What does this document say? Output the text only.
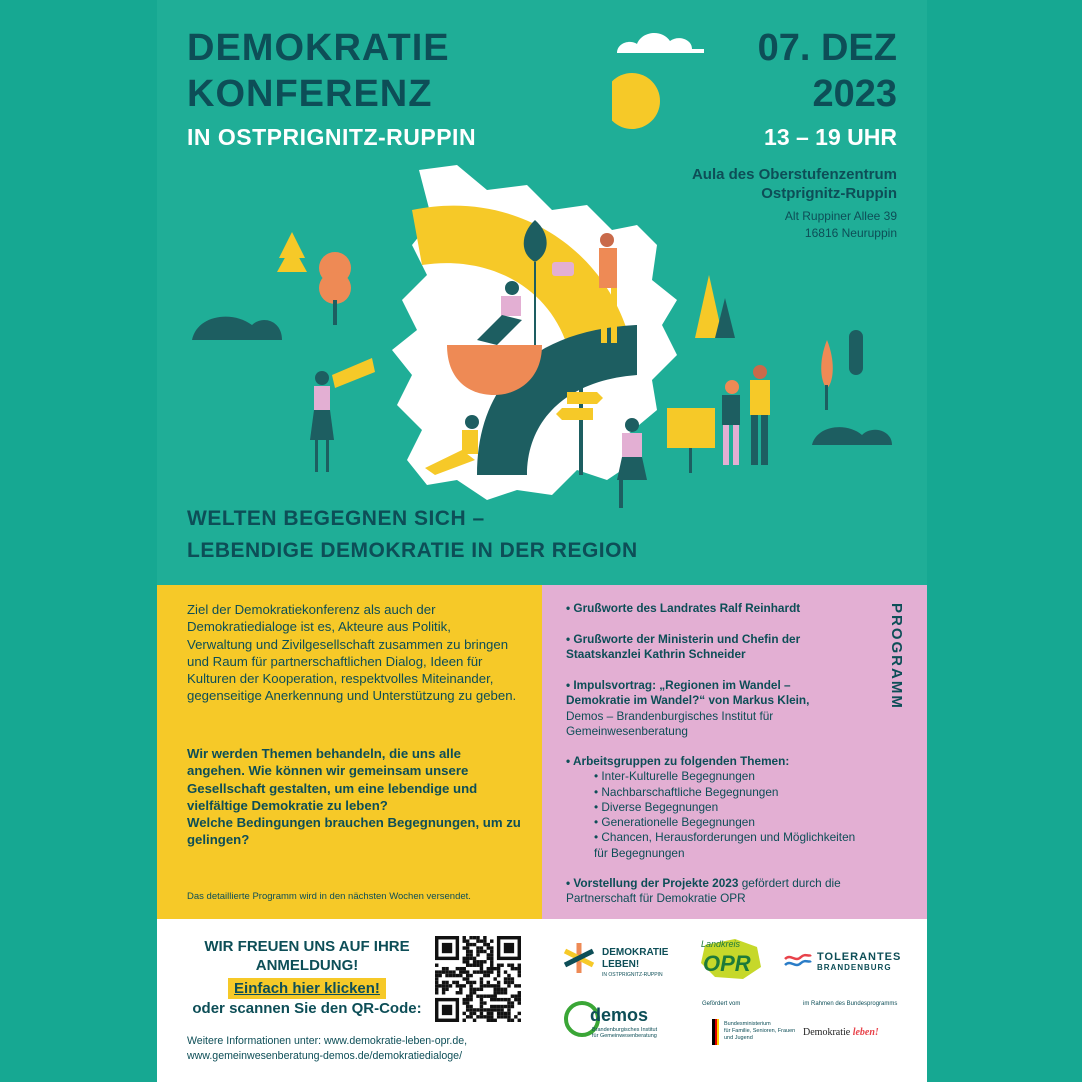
DEMOKRATIE
KONFERENZ
IN OSTPRIGNITZ-RUPPIN
07. DEZ
2023
13 – 19 UHR
Aula des Oberstufenzentrum
Ostprignitz-Ruppin
Alt Ruppiner Allee 39
16816 Neuruppin
WELTEN BEGEGNEN SICH –
LEBENDIGE DEMOKRATIE IN DER REGION
Ziel der Demokratiekonferenz als auch der Demokratiedialoge ist es, Akteure aus Politik, Verwaltung und Zivilgesellschaft zusammen zu bringen und Raum für partnerschaftlichen Dialog, Ideen für Kulturen der Kooperation, respektvolles Miteinander, gegenseitige Anerkennung und Unterstützung zu geben.
Wir werden Themen behandeln, die uns alle angehen. Wie können wir gemeinsam unsere Gesellschaft gestalten, um eine lebendige und vielfältige Demokratie zu leben?
Welche Bedingungen brauchen Begegnungen, um zu gelingen?
Das detaillierte Programm wird in den nächsten Wochen versendet.
PROGRAMM
• Grußworte des Landrates Ralf Reinhardt
• Grußworte der Ministerin und Chefin der Staatskanzlei Kathrin Schneider
• Impulsvortrag: „Regionen im Wandel – Demokratie im Wandel?“ von Markus Klein,
Demos – Brandenburgisches Institut für Gemeinwesenberatung
• Arbeitsgruppen zu folgenden Themen:
• Inter-Kulturelle Begegnungen
• Nachbarschaftliche Begegnungen
• Diverse Begegnungen
• Generationelle Begegnungen
• Chancen, Herausforderungen und Möglichkeiten für Begegnungen
• Vorstellung der Projekte 2023 gefördert durch die Partnerschaft für Demokratie OPR
WIR FREUEN UNS AUF IHRE
ANMELDUNG!
Einfach hier klicken!
oder scannen Sie den QR-Code:
Weitere Informationen unter: www.demokratie-leben-opr.de,
www.gemeinwesenberatung-demos.de/demokratiedialoge/
DEMOKRATIE
LEBEN!
IN OSTPRIGNITZ-RUPPIN
Landkreis
OPR	TOLERANTES
BRANDENBURG
demos
Brandenburgisches Institut
für Gemeinwesenberatung
Gefördert vom
Bundesministerium
für Familie, Senioren, Frauen
und Jugend
im Rahmen des Bundesprogramms
Demokratie leben!
